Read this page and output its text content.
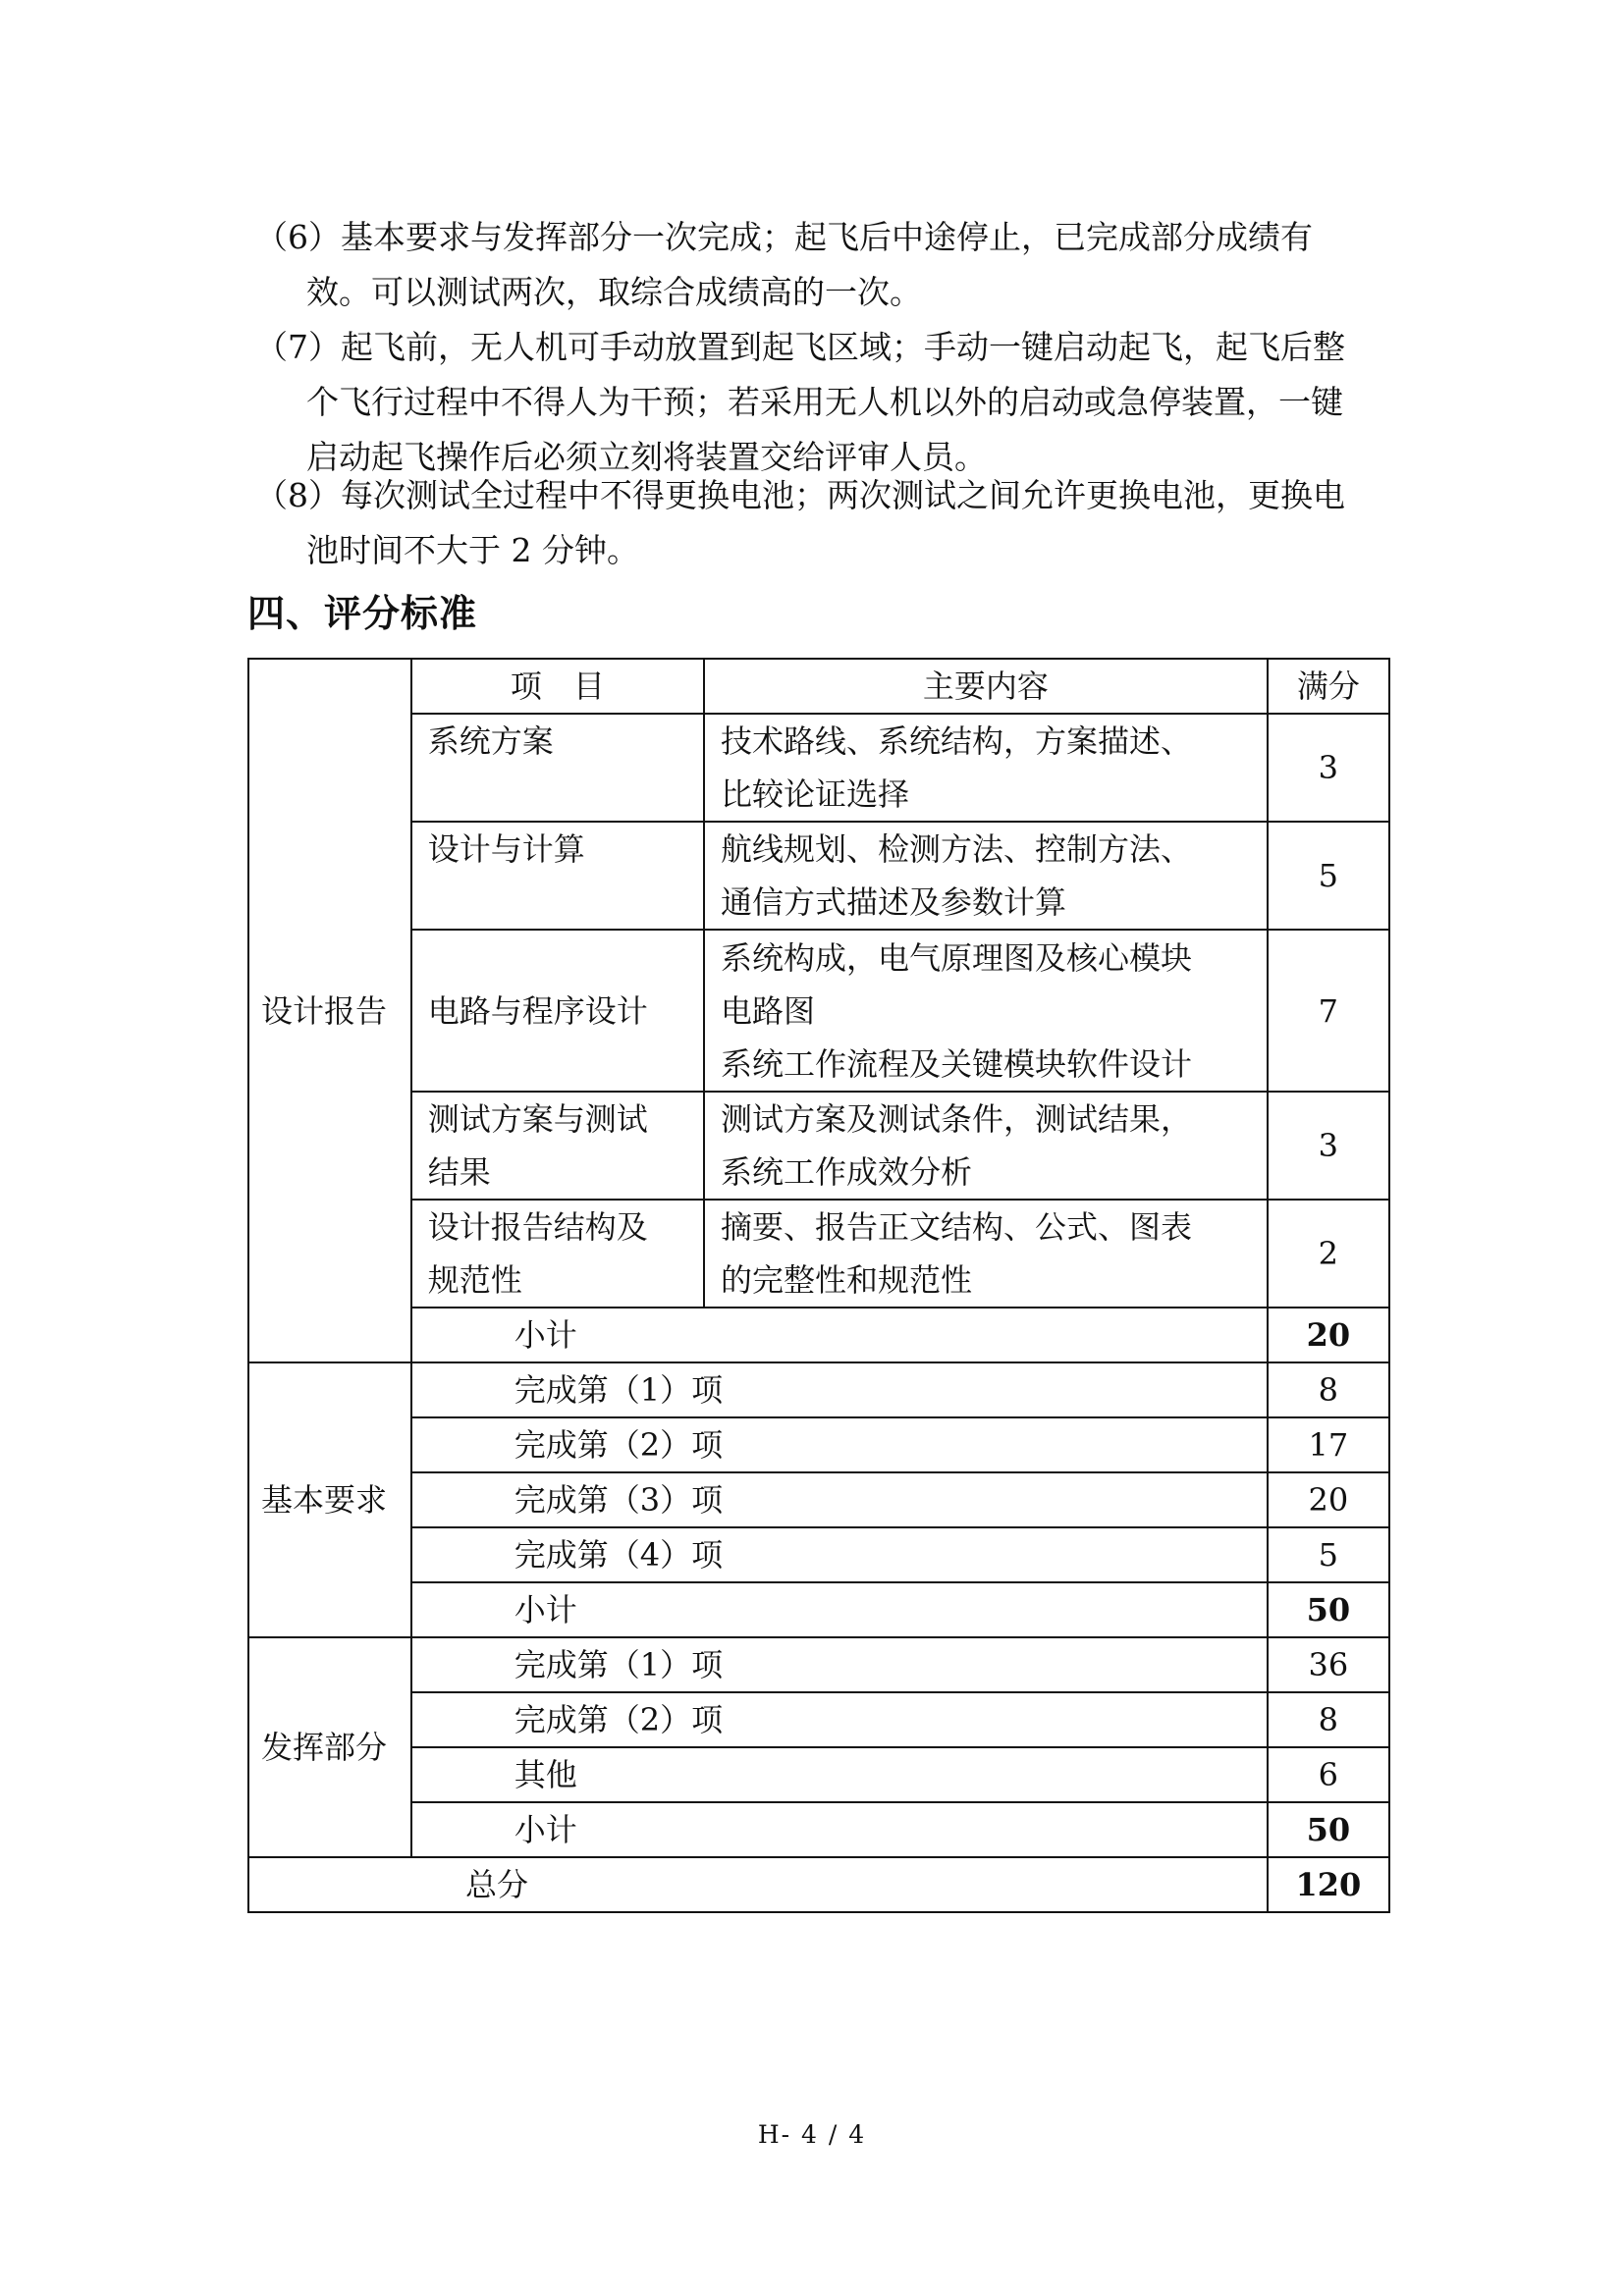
（6）基本要求与发挥部分一次完成；起飞后中途停止，已完成部分成绩有
效。可以测试两次，取综合成绩高的一次。
（7）起飞前，无人机可手动放置到起飞区域；手动一键启动起飞，起飞后整
个飞行过程中不得人为干预；若采用无人机以外的启动或急停装置，一键
启动起飞操作后必须立刻将装置交给评审人员。
（8）每次测试全过程中不得更换电池；两次测试之间允许更换电池，更换电
池时间不大于 2 分钟。
四、评分标准
设计报告	项　目	主要内容	满分
	系统方案	技术路线、系统结构，方案描述、
比较论证选择	3
	设计与计算	航线规划、检测方法、控制方法、
通信方式描述及参数计算	5
	电路与程序设计	系统构成，电气原理图及核心模块
电路图
系统工作流程及关键模块软件设计	7
	测试方案与测试
结果	测试方案及测试条件，测试结果，
系统工作成效分析	3
	设计报告结构及
规范性	摘要、报告正文结构、公式、图表
的完整性和规范性	2
	小计		20
基本要求	完成第（1）项		8
	完成第（2）项		17
	完成第（3）项		20
	完成第（4）项		5
	小计		50
发挥部分	完成第（1）项		36
	完成第（2）项		8
	其他		6
	小计		50
总分			120
H- 4 / 4
